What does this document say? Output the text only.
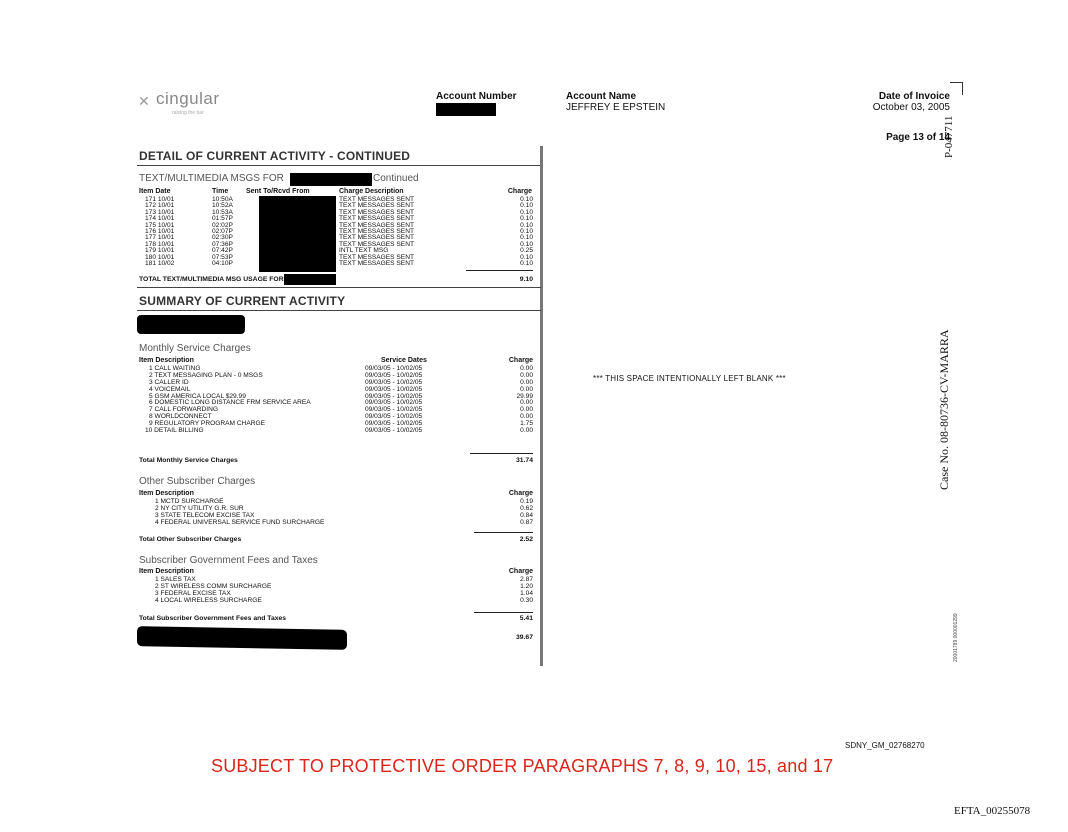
✕ cingular
raising the bar
Account Number	Account Name
JEFFREY E EPSTEIN
Date of Invoice
October 03, 2005
Page 13 of 14
P-047711
DETAIL OF CURRENT ACTIVITY - CONTINUED
TEXT/MULTIMEDIA MSGS FOR	Continued
Item Date	Time	Sent To/Rcvd From	Charge Description	Charge
171 10/01	10:50A	TEXT MESSAGES SENT	0.10
172 10/01	10:52A	TEXT MESSAGES SENT	0.10
173 10/01	10:53A	TEXT MESSAGES SENT	0.10
174 10/01	01:57P	TEXT MESSAGES SENT	0.10
175 10/01	02:02P	TEXT MESSAGES SENT	0.10
176 10/01	02:07P	TEXT MESSAGES SENT	0.10
177 10/01	02:30P	TEXT MESSAGES SENT	0.10
178 10/01	07:36P	TEXT MESSAGES SENT	0.10
179 10/01	07:42P	INTL TEXT MSG	0.25
180 10/01	07:53P	TEXT MESSAGES SENT	0.10
181 10/02	04:10P	TEXT MESSAGES SENT	0.10
TOTAL TEXT/MULTIMEDIA MSG USAGE FOR	9.10
SUMMARY OF CURRENT ACTIVITY
Monthly Service Charges
Item Description	Service Dates	Charge
1 CALL WAITING	09/03/05 - 10/02/05	0.00
2 TEXT MESSAGING PLAN - 0 MSGS	09/03/05 - 10/02/05	0.00
3 CALLER ID	09/03/05 - 10/02/05	0.00
4 VOICEMAIL	09/03/05 - 10/02/05	0.00
5 GSM AMERICA LOCAL $29.99	09/03/05 - 10/02/05	29.99
6 DOMESTIC LONG DISTANCE FRM SERVICE AREA	09/03/05 - 10/02/05	0.00
7 CALL FORWARDING	09/03/05 - 10/02/05	0.00
8 WORLDCONNECT	09/03/05 - 10/02/05	0.00
9 REGULATORY PROGRAM CHARGE	09/03/05 - 10/02/05	1.75
10 DETAIL BILLING	09/03/05 - 10/02/05	0.00
Total Monthly Service Charges	31.74
Other Subscriber Charges
Item Description	Charge
1 MCTD SURCHARGE	0.19
2 NY CITY UTILITY G.R. SUR	0.62
3 STATE TELECOM EXCISE TAX	0.84
4 FEDERAL UNIVERSAL SERVICE FUND SURCHARGE	0.87
Total Other Subscriber Charges	2.52
Subscriber Government Fees and Taxes
Item Description	Charge
1 SALES TAX	2.87
2 ST WIRELESS COMM SURCHARGE	1.20
3 FEDERAL EXCISE TAX	1.04
4 LOCAL WIRELESS SURCHARGE	0.30
Total Subscriber Government Fees and Taxes	5.41
39.67
*** THIS SPACE INTENTIONALLY LEFT BLANK ***	Case No. 08-80736-CV-MARRA
20001789 000001299
SDNY_GM_02768270
SUBJECT TO PROTECTIVE ORDER PARAGRAPHS 7, 8, 9, 10, 15, and 17
EFTA_00255078
